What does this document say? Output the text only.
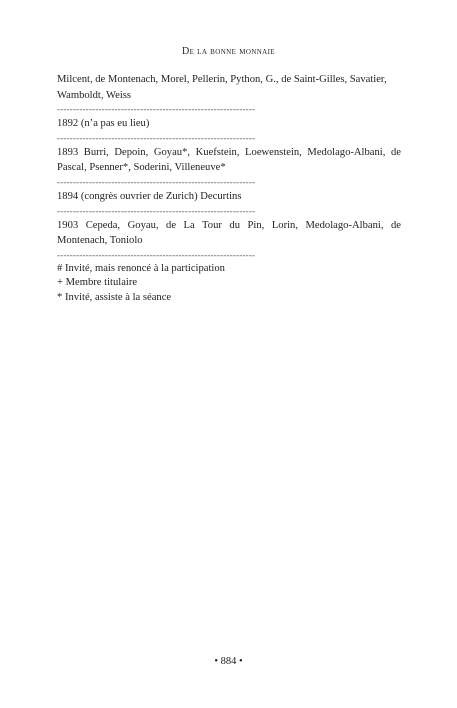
De la bonne monnaie

Milcent, de Montenach, Morel, Pellerin, Python, G., de Saint-Gilles, Savatier, Wamboldt, Weiss

--------------------------------------------------------------

1892 (n’a pas eu lieu)

--------------------------------------------------------------

1893 Burri, Depoin, Goyau*, Kuefstein, Loewenstein, Medolago-Albani, de Pascal, Psenner*, Soderini, Villeneuve*

--------------------------------------------------------------

1894 (congrès ouvrier de Zurich) Decurtins

--------------------------------------------------------------

1903 Cepeda, Goyau, de La Tour du Pin, Lorin, Medolago-Albani, de Montenach, Toniolo

--------------------------------------------------------------

# Invité, mais renoncé à la participation

+ Membre titulaire

* Invité, assiste à la séance

• 884 •
